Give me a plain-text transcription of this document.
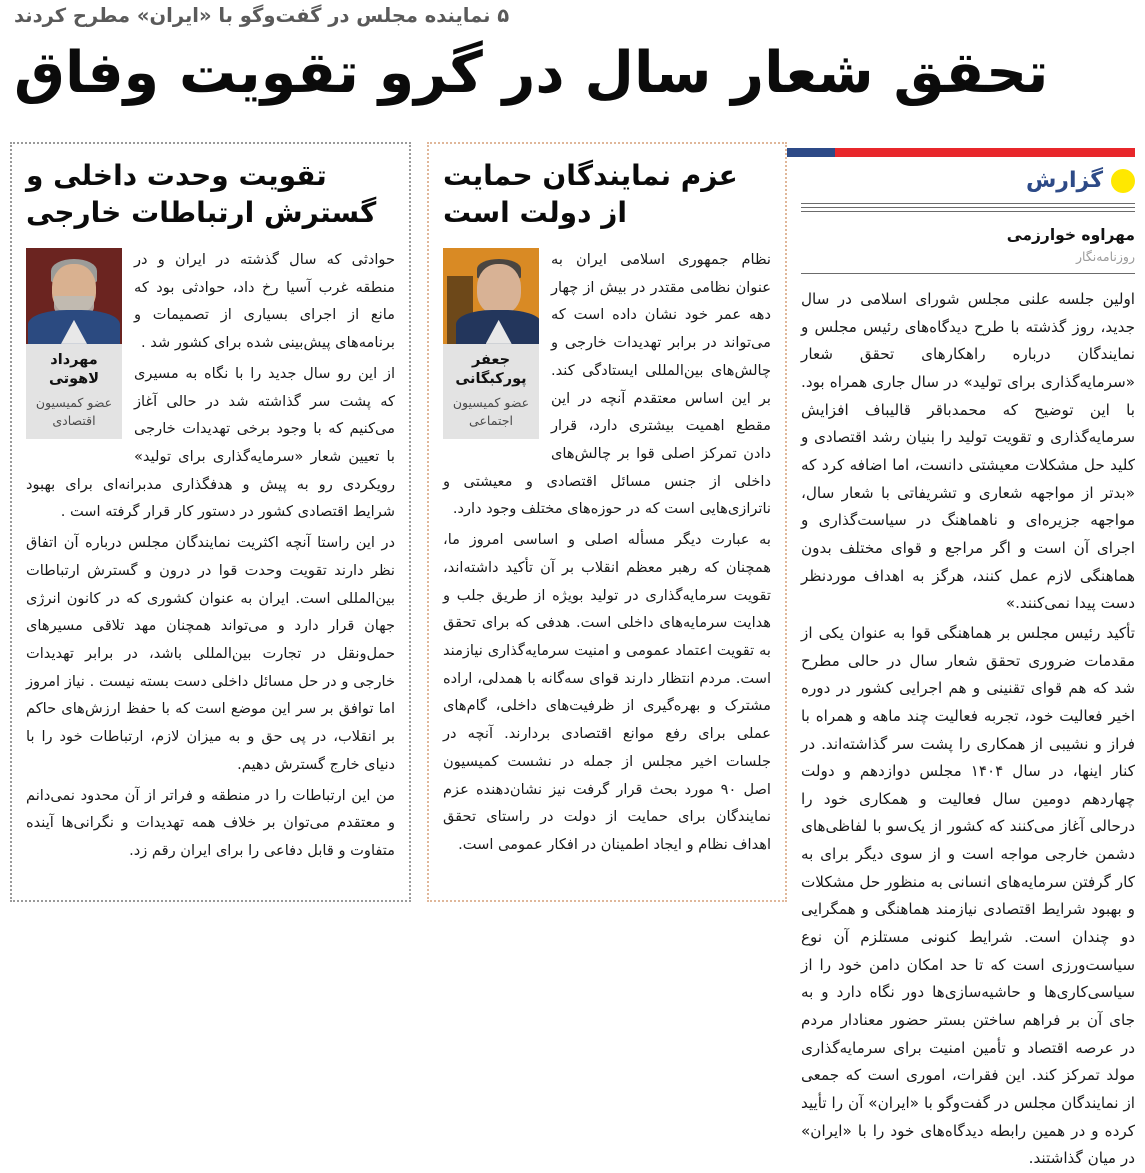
۵ نماینده مجلس در گفت‌وگو با «ایران» مطرح کردند
تحقق شعار سال در گرو تقویت وفاق
گزارش
مهراوه خوارزمی
روزنامه‌نگار

اولین جلسه علنی مجلس شورای اسلامی در سال جدید، روز گذشته با طرح دیدگاه‌های رئیس مجلس و نمایندگان درباره راهکارهای تحقق شعار «سرمایه‌گذاری برای تولید» در سال جاری همراه بود. با این توضیح که محمدباقر قالیباف افزایش سرمایه‌گذاری و تقویت تولید را بنیان رشد اقتصادی و کلید حل مشکلات معیشتی دانست، اما اضافه کرد که «بدتر از مواجهه شعاری و تشریفاتی با شعار سال، مواجهه جزیره‌ای و ناهماهنگ در سیاست‌گذاری و اجرای آن است و اگر مراجع و قوای مختلف بدون هماهنگی لازم عمل کنند، هرگز به اهداف موردنظر دست پیدا نمی‌کنند.»

تأکید رئیس مجلس بر هماهنگی قوا به عنوان یکی از مقدمات ضروری تحقق شعار سال در حالی مطرح شد که هم قوای تقنینی و هم اجرایی کشور در دوره اخیر فعالیت خود، تجربه فعالیت چند ماهه و همراه با فراز و نشیبی از همکاری را پشت سر گذاشته‌اند. در کنار اینها، در سال ۱۴۰۴ مجلس دوازدهم و دولت چهاردهم دومین سال فعالیت و همکاری خود را درحالی آغاز می‌کنند که کشور از یک‌سو با لفاظی‌های دشمن خارجی مواجه است و از سوی دیگر برای به کار گرفتن سرمایه‌های انسانی به منظور حل مشکلات و بهبود شرایط اقتصادی نیازمند هماهنگی و همگرایی دو چندان است. شرایط کنونی مستلزم آن نوع سیاست‌ورزی است که تا حد امکان دامن خود را از سیاسی‌کاری‌ها و حاشیه‌سازی‌ها دور نگاه دارد و به جای آن بر فراهم ساختن بستر حضور معنادار مردم در عرصه اقتصاد و تأمین امنیت برای سرمایه‌گذاری مولد تمرکز کند. این فقرات، اموری است که جمعی از نمایندگان مجلس در گفت‌وگو با «ایران» آن را تأیید کرده و در همین رابطه دیدگاه‌های خود را با «ایران» در میان گذاشتند.

عزم نمایندگان حمایت از دولت است
جعفر پورکبگانی
عضو کمیسیون اجتماعی

نظام جمهوری اسلامی ایران به عنوان نظامی مقتدر در بیش از چهار دهه عمر خود نشان داده است که می‌تواند در برابر تهدیدات خارجی و چالش‌های بین‌المللی ایستادگی کند. بر این اساس معتقدم آنچه در این مقطع اهمیت بیشتری دارد، قرار دادن تمرکز اصلی قوا بر چالش‌های داخلی از جنس مسائل اقتصادی و معیشتی و ناترازی‌هایی است که در حوزه‌های مختلف وجود دارد.

به عبارت دیگر مسأله اصلی و اساسی امروز ما، همچنان که رهبر معظم انقلاب بر آن تأکید داشته‌اند، تقویت سرمایه‌گذاری در تولید بویژه از طریق جلب و هدایت سرمایه‌های داخلی است. هدفی که برای تحقق به تقویت اعتماد عمومی و امنیت سرمایه‌گذاری نیازمند است. مردم انتظار دارند قوای سه‌گانه با همدلی، اراده مشترک و بهره‌گیری از ظرفیت‌های داخلی، گام‌های عملی برای رفع موانع اقتصادی بردارند. آنچه در جلسات اخیر مجلس از جمله در نشست کمیسیون اصل ۹۰ مورد بحث قرار گرفت نیز نشان‌دهنده عزم نمایندگان برای حمایت از دولت در راستای تحقق اهداف نظام و ایجاد اطمینان در افکار عمومی است.

تقویت وحدت داخلی و گسترش ارتباطات خارجی
مهرداد لاهوتی
عضو کمیسیون اقتصادی

حوادثی که سال گذشته در ایران و در منطقه غرب آسیا رخ داد، حوادثی بود که مانع از اجرای بسیاری از تصمیمات و برنامه‌های پیش‌بینی شده برای کشور شد .

از این رو سال جدید را با نگاه به مسیری که پشت سر گذاشته شد در حالی آغاز می‌کنیم که با وجود برخی تهدیدات خارجی با تعیین شعار «سرمایه‌گذاری برای تولید» رویکردی رو به پیش و هدفگذاری مدبرانه‌ای برای بهبود شرایط اقتصادی کشور در دستور کار قرار گرفته است .

در این راستا آنچه اکثریت نمایندگان مجلس درباره آن اتفاق نظر دارند تقویت وحدت قوا در درون و گسترش ارتباطات بین‌المللی است. ایران به عنوان کشوری که در کانون انرژی جهان قرار دارد و می‌تواند همچنان مهد تلاقی مسیرهای حمل‌ونقل در تجارت بین‌المللی باشد، در برابر تهدیدات خارجی و در حل مسائل داخلی دست بسته نیست . نیاز امروز اما توافق بر سر این موضع است که با حفظ ارزش‌های حاکم بر انقلاب، در پی حق و به میزان لازم، ارتباطات خود را با دنیای خارج گسترش دهیم.

من این ارتباطات را در منطقه و فراتر از آن محدود نمی‌دانم و معتقدم می‌توان بر خلاف همه تهدیدات و نگرانی‌ها آینده متفاوت و قابل دفاعی را برای ایران رقم زد.
